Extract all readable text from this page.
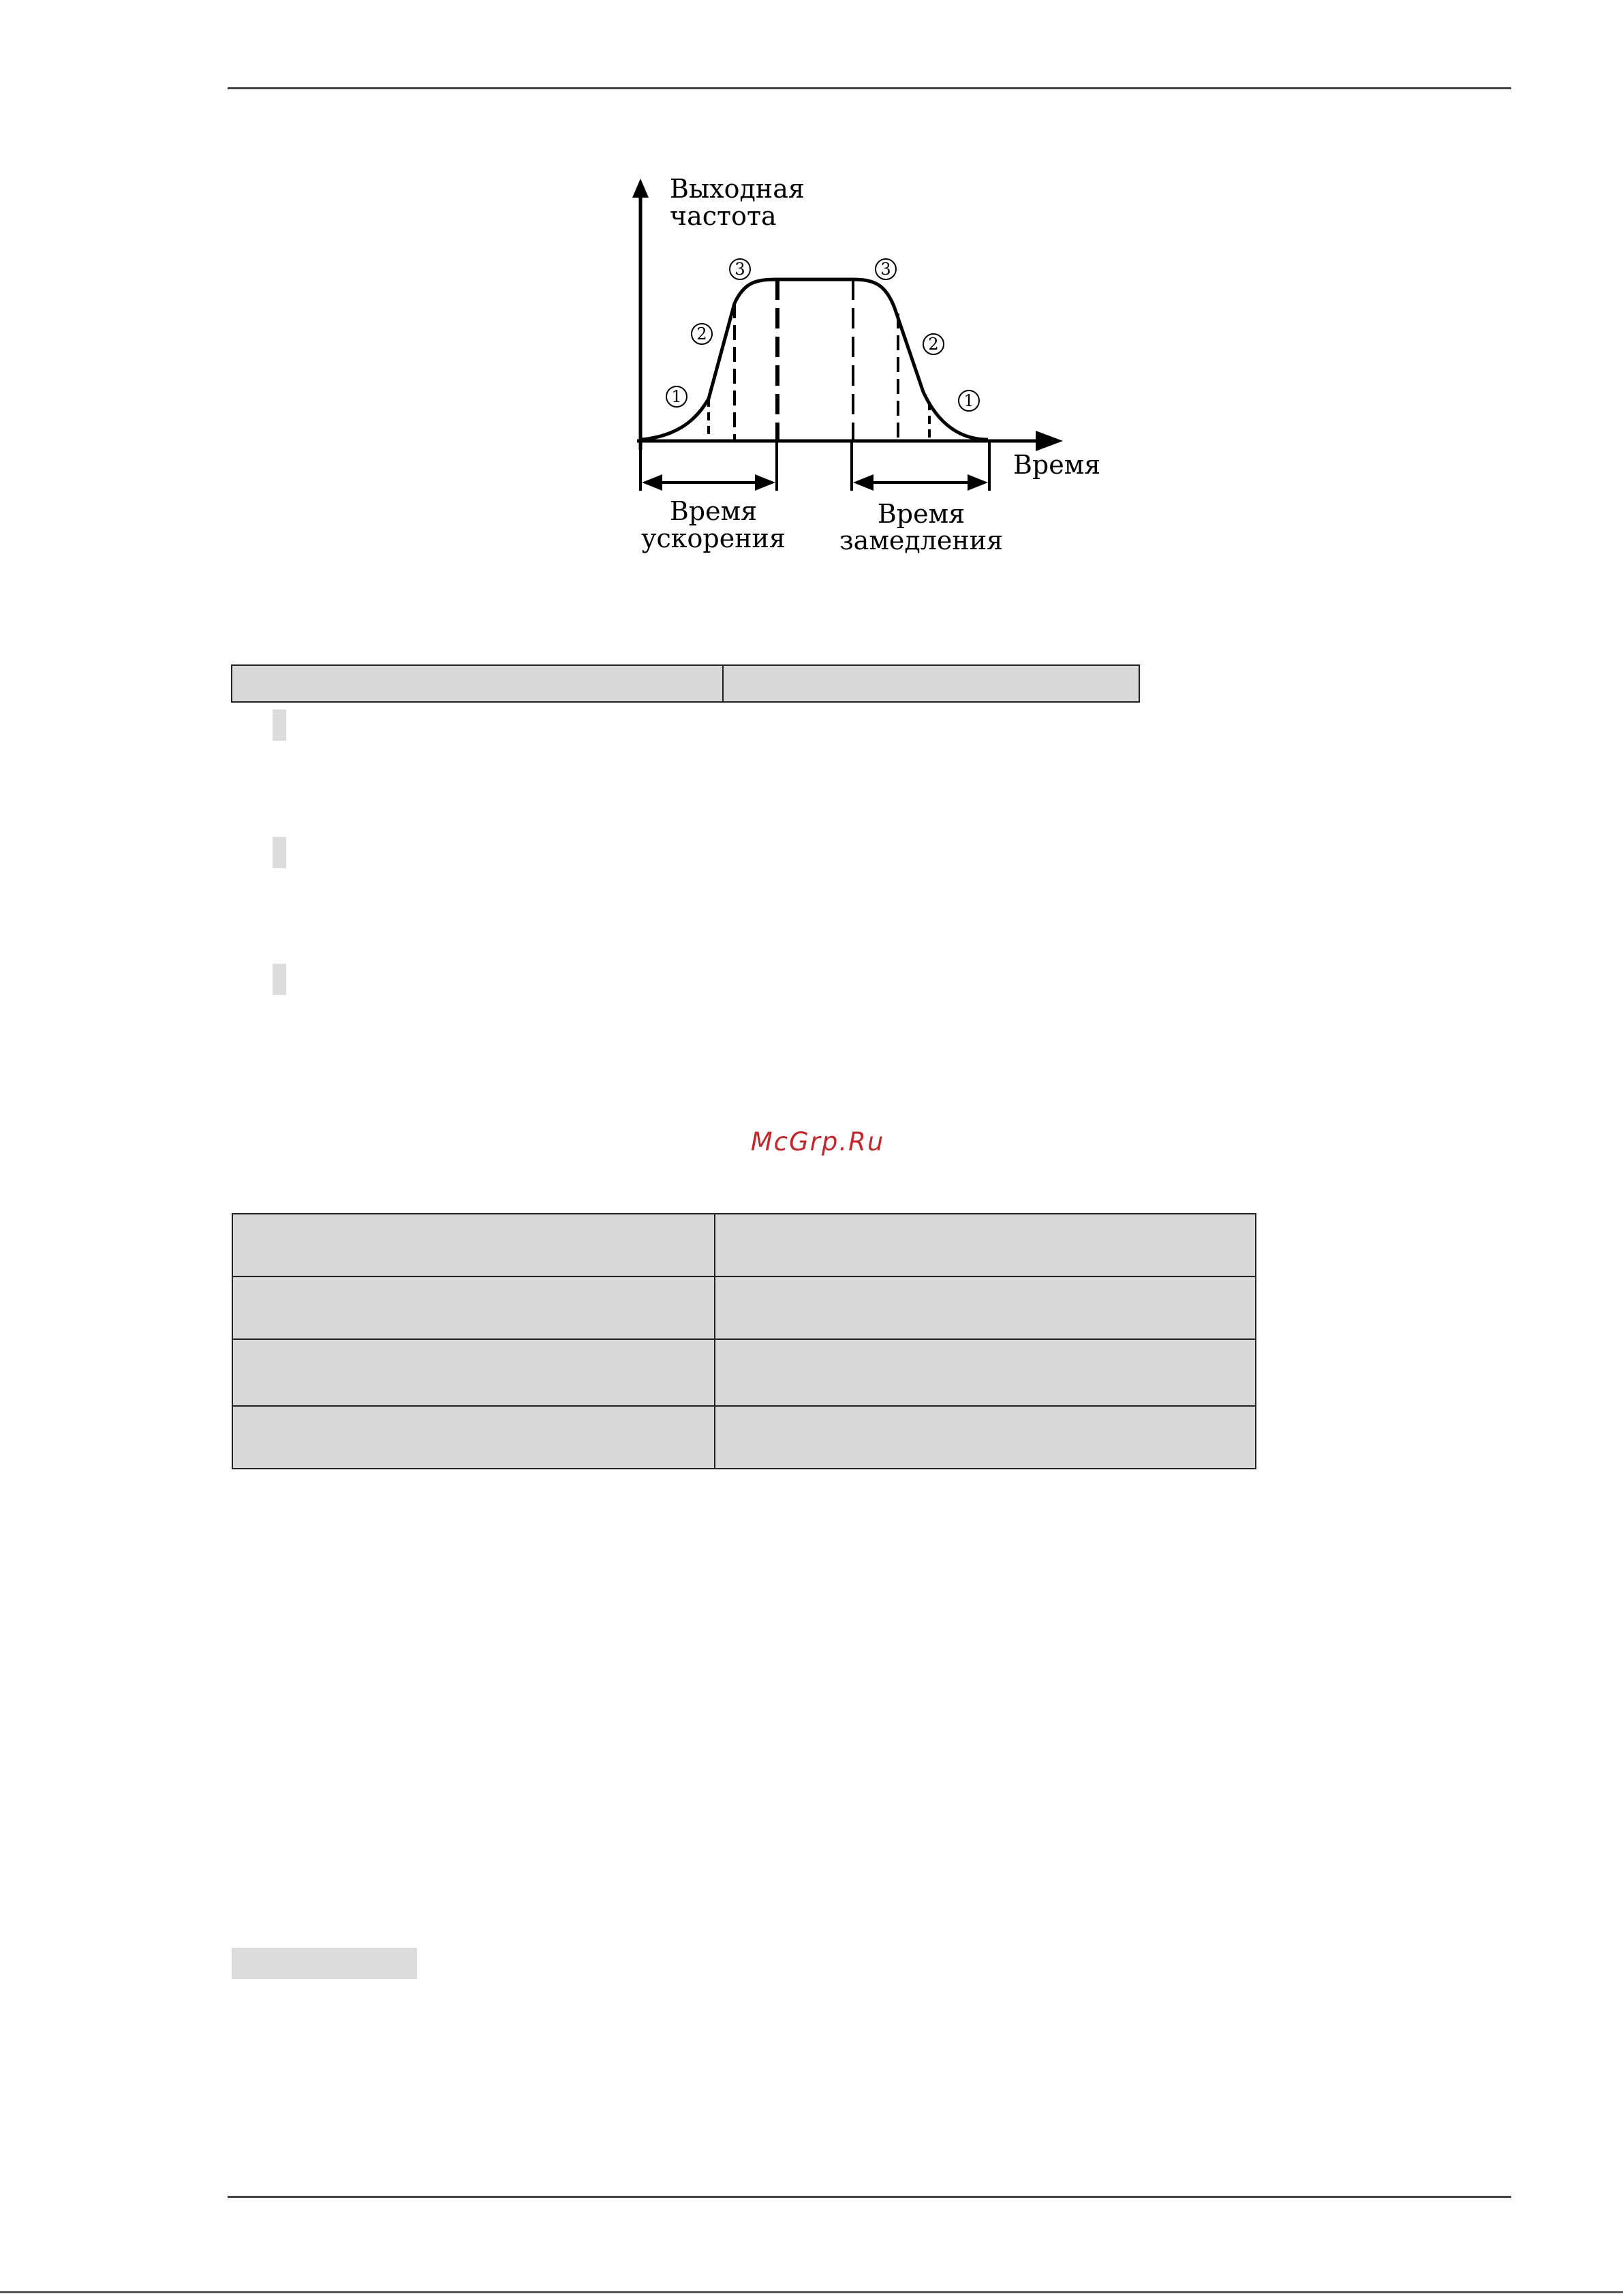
1
2
3	3
2
1
Выходная
частота
Время
Время
ускорения
Время
замедления

McGrp.Ru
